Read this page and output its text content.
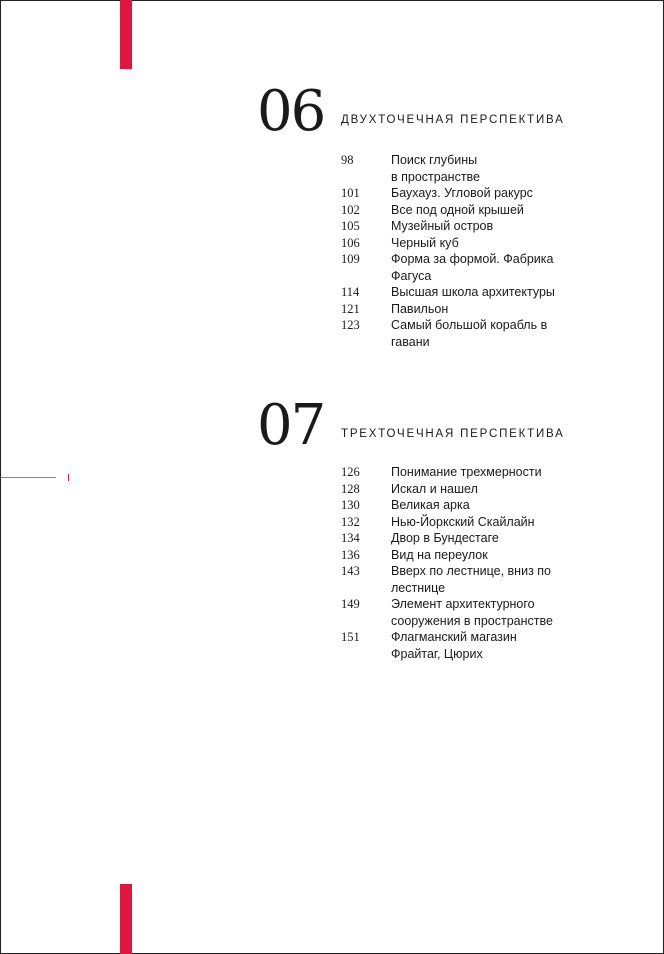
06 ДВУХТОЧЕЧНАЯ ПЕРСПЕКТИВА
98	Поиск глубины в пространстве
101	Баухауз. Угловой ракурс
102	Все под одной крышей
105	Музейный остров
106	Черный куб
109	Форма за формой. Фабрика Фагуса
114	Высшая школа архитектуры
121	Павильон
123	Самый большой корабль в гавани
07 ТРЕХТОЧЕЧНАЯ ПЕРСПЕКТИВА
126	Понимание трехмерности
128	Искал и нашел
130	Великая арка
132	Нью-Йоркский Скайлайн
134	Двор в Бундестаге
136	Вид на переулок
143	Вверх по лестнице, вниз по лестнице
149	Элемент архитектурного сооружения в пространстве
151	Флагманский магазин Фрайтаг, Цюрих
